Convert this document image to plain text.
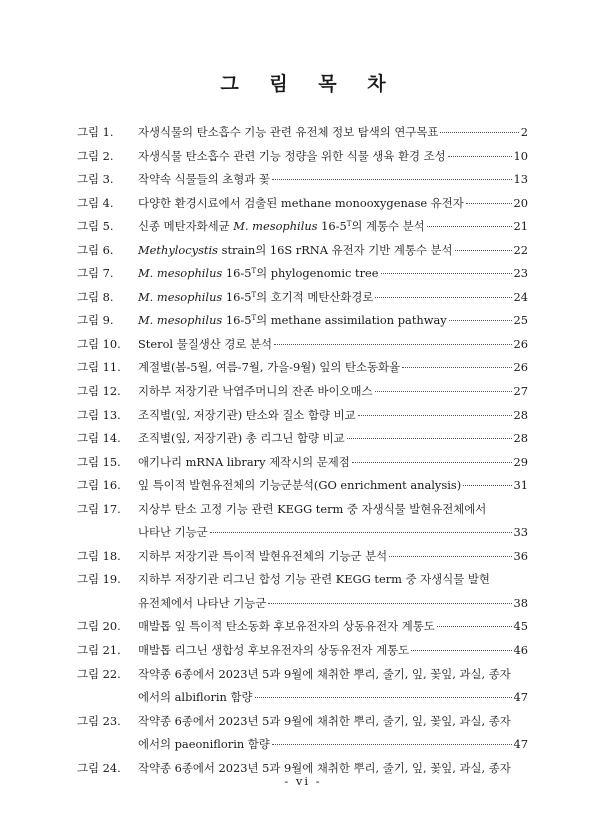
그 림 목 차
그림 1.	자생식물의 탄소흡수 기능 관련 유전체 정보 탐색의 연구목표	2
그림 2.	자생식물 탄소흡수 관련 기능 정량을 위한 식물 생육 환경 조성	10
그림 3.	작약속 식물들의 초형과 꽃	13
그림 4.	다양한 환경시료에서 검출된 methane monooxygenase 유전자	20
그림 5.	신종 메탄자화세균 M. mesophilus $16-5^T$의 계통수 분석	21
그림 6.	Methylocystis strain의 16S rRNA 유전자 기반 계통수 분석	22
그림 7.	M. mesophilus $16-5^T$의 phylogenomic tree	23
그림 8.	M. mesophilus $16-5^T$의 호기적 메탄산화경로	24
그림 9.	M. mesophilus $16-5^T$의 methane assimilation pathway	25
그림 10.	Sterol 물질생산 경로 분석	26
그림 11.	계절별(봄-5월, 여름-7월, 가을-9월) 잎의 탄소동화율	26
그림 12.	지하부 저장기관 낙엽주머니의 잔존 바이오매스	27
그림 13.	조직별(잎, 저장기관) 탄소와 질소 함량 비교	28
그림 14.	조직별(잎, 저장기관) 총 리그닌 함량 비교	28
그림 15.	애기나리 mRNA library 제작시의 문제점	29
그림 16.	잎 특이적 발현유전체의 기능군분석(GO enrichment analysis)	31
그림 17.	지상부 탄소 고정 기능 관련 KEGG term 중 자생식물 발현유전체에서
나타난 기능군	33
그림 18.	지하부 저장기관 특이적 발현유전체의 기능군 분석	36
그림 19.	지하부 저장기관 리그닌 합성 기능 관련 KEGG term 중 자생식물 발현
유전체에서 나타난 기능군	38
그림 20.	매발톱 잎 특이적 탄소동화 후보유전자의 상동유전자 계통도	45
그림 21.	매발톱 리그닌 생합성 후보유전자의 상동유전자 계통도	46
그림 22.	작약종 6종에서 2023년 5과 9월에 채취한 뿌리, 줄기, 잎, 꽃잎, 과실, 종자
에서의 albiflorin 함량	47
그림 23.	작약종 6종에서 2023년 5과 9월에 채취한 뿌리, 줄기, 잎, 꽃잎, 과실, 종자
에서의 paeoniflorin 함량	47
그림 24.	작약종 6종에서 2023년 5과 9월에 채취한 뿌리, 줄기, 잎, 꽃잎, 과실, 종자
- vi -
